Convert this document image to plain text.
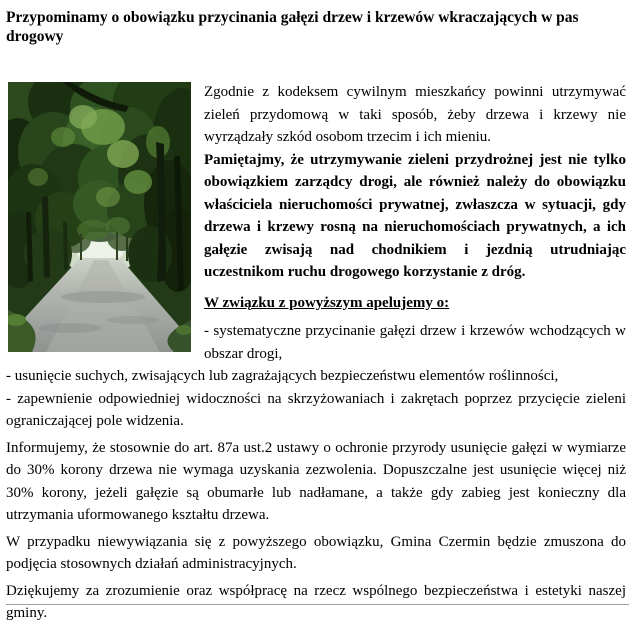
Przypominamy o obowiązku przycinania gałęzi drzew i krzewów wkraczających w pas drogowy

Zgodnie z kodeksem cywilnym mieszkańcy powinni utrzymywać zieleń przydomową w taki sposób, żeby drzewa i krzewy nie wyrządzały szkód osobom trzecim i ich mieniu.

Pamiętajmy, że utrzymywanie zieleni przydrożnej jest nie tylko obowiązkiem zarządcy drogi, ale również należy do obowiązku właściciela nieruchomości prywatnej, zwłaszcza w sytuacji, gdy drzewa i krzewy rosną na nieruchomościach prywatnych, a ich gałęzie zwisają nad chodnikiem i jezdnią utrudniając uczestnikom ruchu drogowego korzystanie z dróg.

W związku z powyższym apelujemy o:

- systematyczne przycinanie gałęzi drzew i krzewów wchodzących w obszar drogi,

- usunięcie suchych, zwisających lub zagrażających bezpieczeństwu elementów roślinności,

- zapewnienie odpowiedniej widoczności na skrzyżowaniach i zakrętach poprzez przycięcie zieleni ograniczającej pole widzenia.

Informujemy, że stosownie do art. 87a ust.2 ustawy o ochronie przyrody usunięcie gałęzi w wymiarze do 30% korony drzewa nie wymaga uzyskania zezwolenia. Dopuszczalne jest usunięcie więcej niż 30% korony, jeżeli gałęzie są obumarłe lub nadłamane, a także gdy zabieg jest konieczny dla utrzymania uformowanego kształtu drzewa.

W przypadku niewywiązania się z powyższego obowiązku, Gmina Czermin będzie zmuszona do podjęcia stosownych działań administracyjnych.

Dziękujemy za zrozumienie oraz współpracę na rzecz wspólnego bezpieczeństwa i estetyki naszej gminy.
